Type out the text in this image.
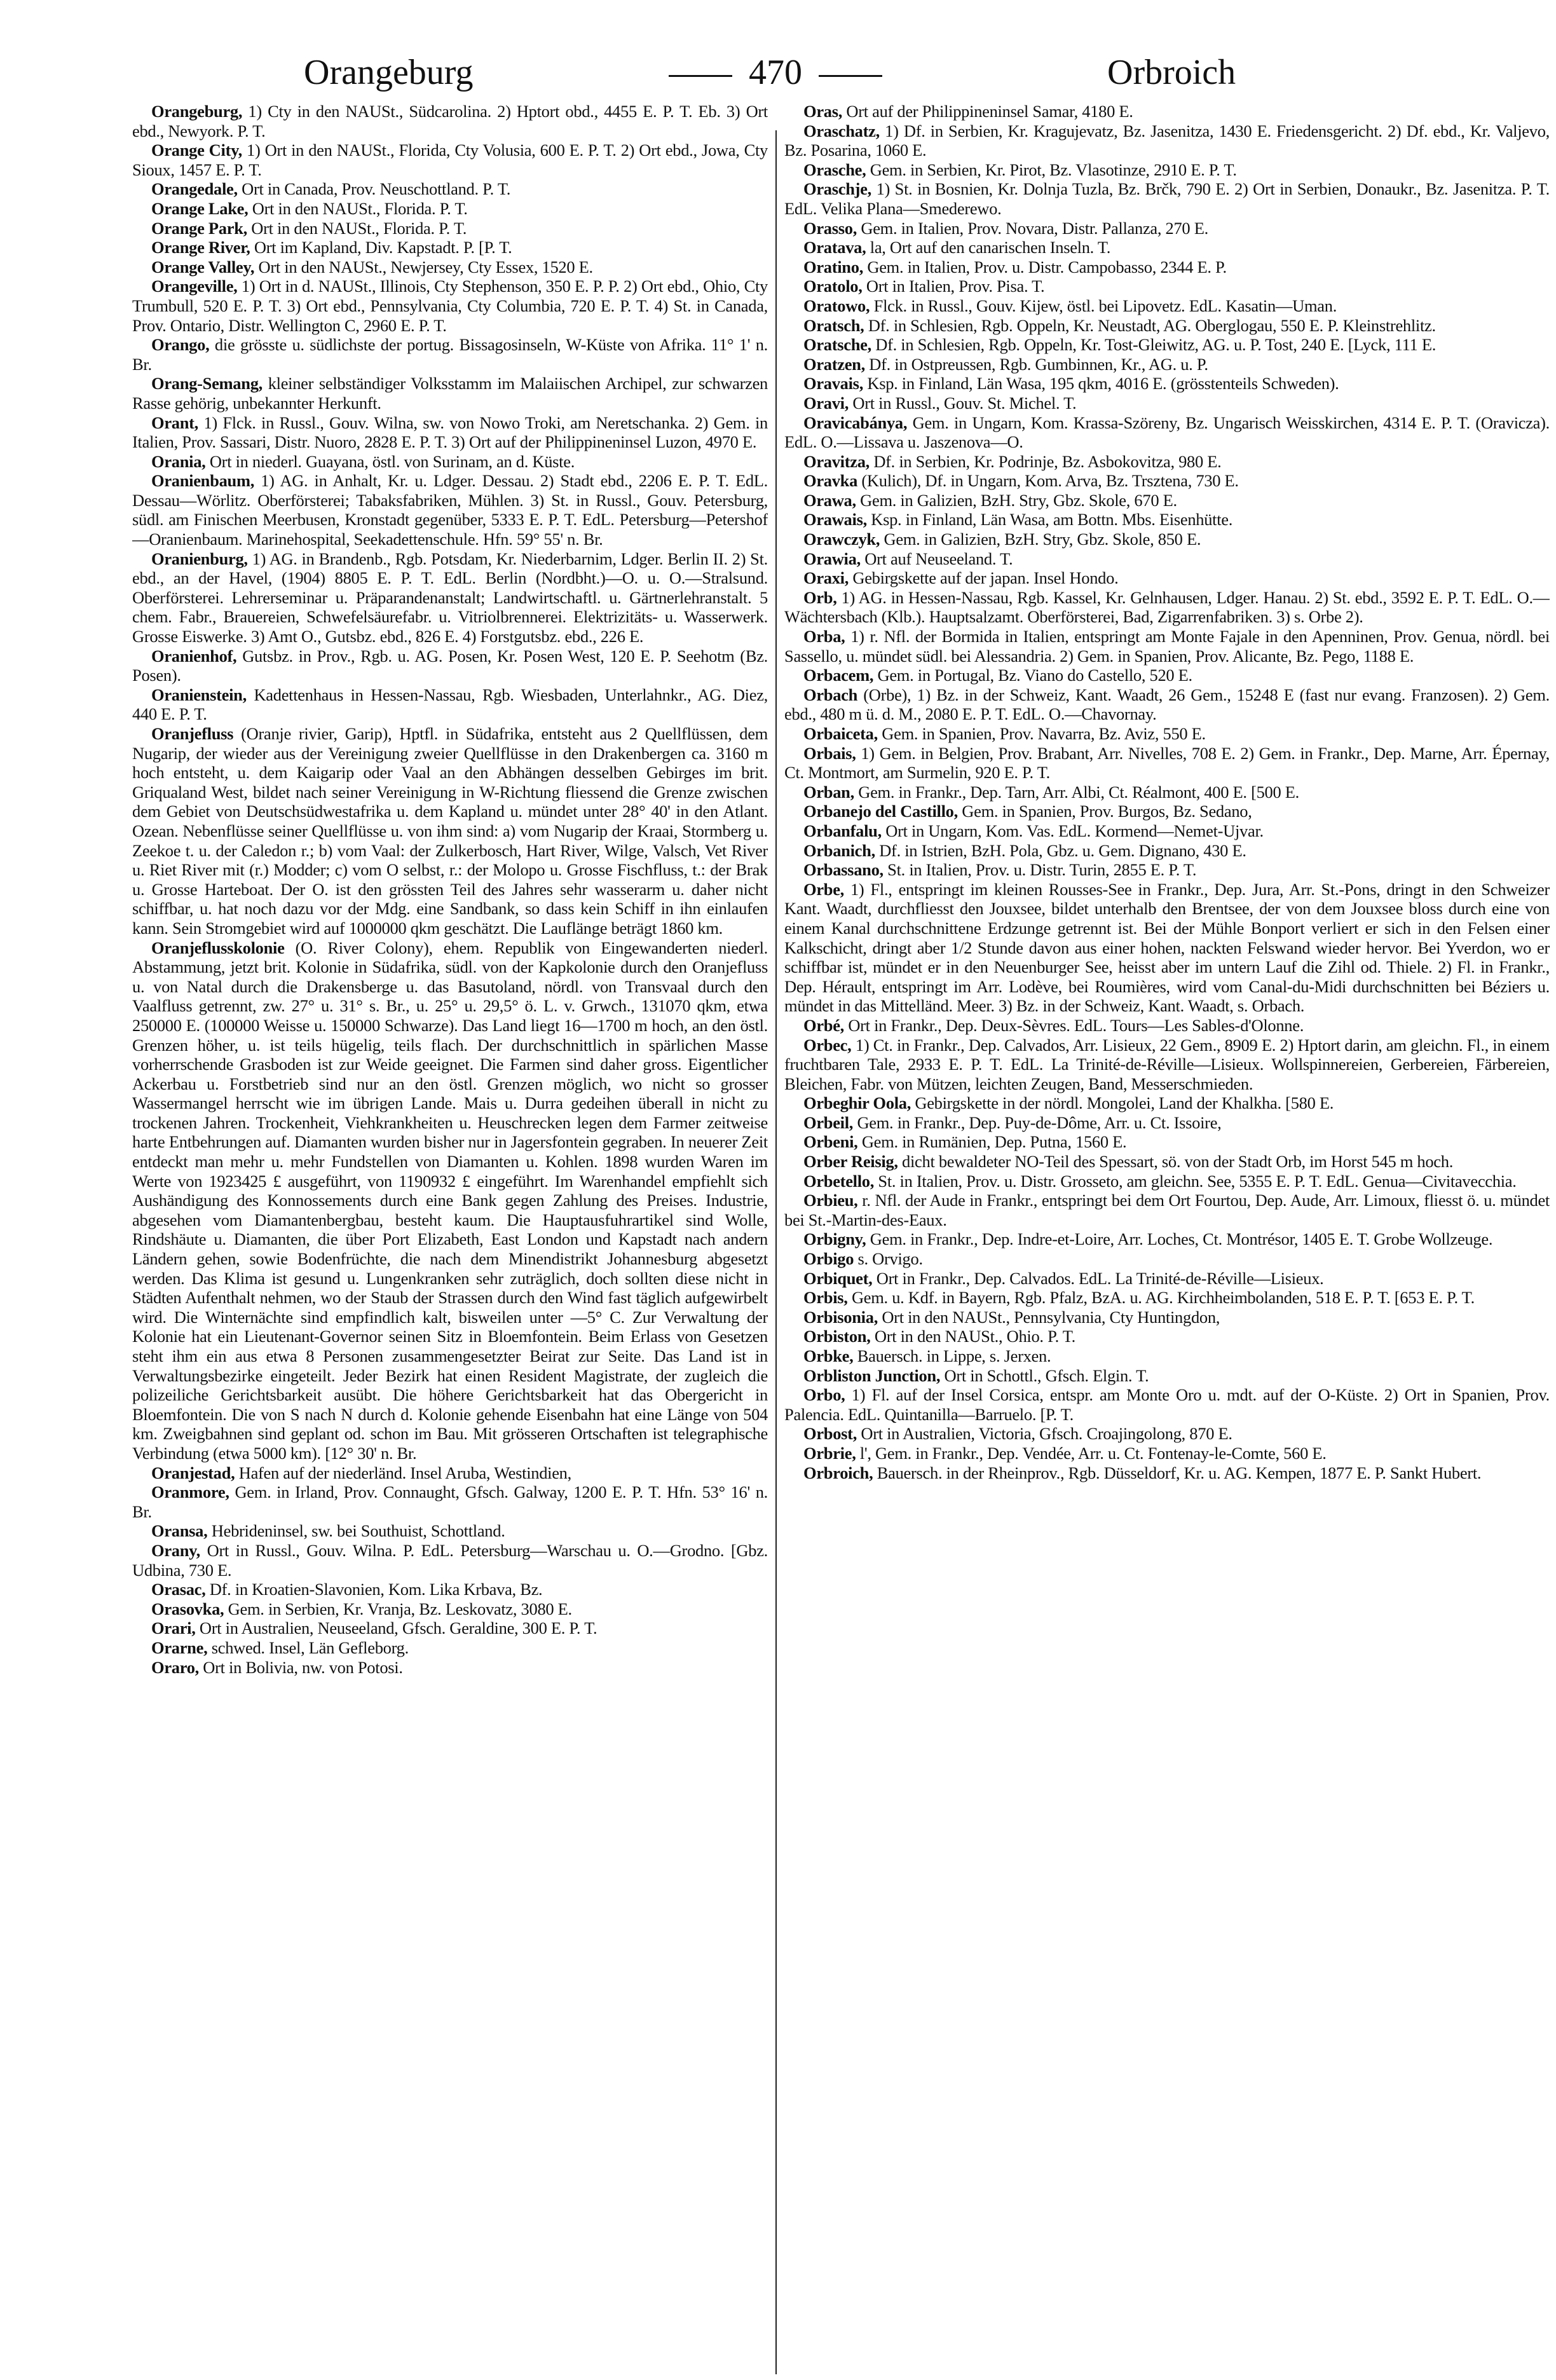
Orangeburg	470	Orbroich

Orangeburg, 1) Cty in den NAUSt., Südcarolina. 2) Hptort obd., 4455 E. P. T. Eb. 3) Ort ebd., Newyork. P. T.

Orange City, 1) Ort in den NAUSt., Florida, Cty Volusia, 600 E. P. T. 2) Ort ebd., Jowa, Cty Sioux, 1457 E. P. T.

Orangedale, Ort in Canada, Prov. Neuschottland. P. T.

Orange Lake, Ort in den NAUSt., Florida. P. T.

Orange Park, Ort in den NAUSt., Florida. P. T.

Orange River, Ort im Kapland, Div. Kapstadt. P. [P. T.

Orange Valley, Ort in den NAUSt., Newjersey, Cty Essex, 1520 E.

Orangeville, 1) Ort in d. NAUSt., Illinois, Cty Stephenson, 350 E. P. P. 2) Ort ebd., Ohio, Cty Trumbull, 520 E. P. T. 3) Ort ebd., Pennsylvania, Cty Columbia, 720 E. P. T. 4) St. in Canada, Prov. Ontario, Distr. Wellington C, 2960 E. P. T.

Orango, die grösste u. südlichste der portug. Bissagosinseln, W-Küste von Afrika. 11° 1' n. Br.

Orang-Semang, kleiner selbständiger Volksstamm im Malaiischen Archipel, zur schwarzen Rasse gehörig, unbekannter Herkunft.

Orant, 1) Flck. in Russl., Gouv. Wilna, sw. von Nowo Troki, am Neretschanka. 2) Gem. in Italien, Prov. Sassari, Distr. Nuoro, 2828 E. P. T. 3) Ort auf der Philippineninsel Luzon, 4970 E.

Orania, Ort in niederl. Guayana, östl. von Surinam, an d. Küste.

Oranienbaum, 1) AG. in Anhalt, Kr. u. Ldger. Dessau. 2) Stadt ebd., 2206 E. P. T. EdL. Dessau—Wörlitz. Oberförsterei; Tabaksfabriken, Mühlen. 3) St. in Russl., Gouv. Petersburg, südl. am Finischen Meerbusen, Kronstadt gegenüber, 5333 E. P. T. EdL. Petersburg—Petershof—Oranienbaum. Marinehospital, Seekadettenschule. Hfn. 59° 55' n. Br.

Oranienburg, 1) AG. in Brandenb., Rgb. Potsdam, Kr. Niederbarnim, Ldger. Berlin II. 2) St. ebd., an der Havel, (1904) 8805 E. P. T. EdL. Berlin (Nordbht.)—O. u. O.—Stralsund. Oberförsterei. Lehrerseminar u. Präparandenanstalt; Landwirtschaftl. u. Gärtnerlehranstalt. 5 chem. Fabr., Brauereien, Schwefelsäurefabr. u. Vitriolbrennerei. Elektrizitäts- u. Wasserwerk. Grosse Eiswerke. 3) Amt O., Gutsbz. ebd., 826 E. 4) Forstgutsbz. ebd., 226 E.

Oranienhof, Gutsbz. in Prov., Rgb. u. AG. Posen, Kr. Posen West, 120 E. P. Seehotm (Bz. Posen).

Oranienstein, Kadettenhaus in Hessen-Nassau, Rgb. Wiesbaden, Unterlahnkr., AG. Diez, 440 E. P. T.

Oranjefluss (Oranje rivier, Garip), Hptfl. in Südafrika, entsteht aus 2 Quellflüssen, dem Nugarip, der wieder aus der Vereinigung zweier Quellflüsse in den Drakenbergen ca. 3160 m hoch entsteht, u. dem Kaigarip oder Vaal an den Abhängen desselben Gebirges im brit. Griqualand West, bildet nach seiner Vereinigung in W-Richtung fliessend die Grenze zwischen dem Gebiet von Deutschsüdwestafrika u. dem Kapland u. mündet unter 28° 40' in den Atlant. Ozean. Nebenflüsse seiner Quellflüsse u. von ihm sind: a) vom Nugarip der Kraai, Stormberg u. Zeekoe t. u. der Caledon r.; b) vom Vaal: der Zulkerbosch, Hart River, Wilge, Valsch, Vet River u. Riet River mit (r.) Modder; c) vom O selbst, r.: der Molopo u. Grosse Fischfluss, t.: der Brak u. Grosse Harteboat. Der O. ist den grössten Teil des Jahres sehr wasserarm u. daher nicht schiffbar, u. hat noch dazu vor der Mdg. eine Sandbank, so dass kein Schiff in ihn einlaufen kann. Sein Stromgebiet wird auf 1000000 qkm geschätzt. Die Lauflänge beträgt 1860 km.

Oranjeflusskolonie (O. River Colony), ehem. Republik von Eingewanderten niederl. Abstammung, jetzt brit. Kolonie in Südafrika, südl. von der Kapkolonie durch den Oranjefluss u. von Natal durch die Drakensberge u. das Basutoland, nördl. von Transvaal durch den Vaalfluss getrennt, zw. 27° u. 31° s. Br., u. 25° u. 29,5° ö. L. v. Grwch., 131070 qkm, etwa 250000 E. (100000 Weisse u. 150000 Schwarze). Das Land liegt 16—1700 m hoch, an den östl. Grenzen höher, u. ist teils hügelig, teils flach. Der durchschnittlich in spärlichen Masse vorherrschende Grasboden ist zur Weide geeignet. Die Farmen sind daher gross. Eigentlicher Ackerbau u. Forstbetrieb sind nur an den östl. Grenzen möglich, wo nicht so grosser Wassermangel herrscht wie im übrigen Lande. Mais u. Durra gedeihen überall in nicht zu trockenen Jahren. Trockenheit, Viehkrankheiten u. Heuschrecken legen dem Farmer zeitweise harte Entbehrungen auf. Diamanten wurden bisher nur in Jagersfontein gegraben. In neuerer Zeit entdeckt man mehr u. mehr Fundstellen von Diamanten u. Kohlen. 1898 wurden Waren im Werte von 1923425 £ ausgeführt, von 1190932 £ eingeführt. Im Warenhandel empfiehlt sich Aushändigung des Konnossements durch eine Bank gegen Zahlung des Preises. Industrie, abgesehen vom Diamantenbergbau, besteht kaum. Die Hauptausfuhrartikel sind Wolle, Rindshäute u. Diamanten, die über Port Elizabeth, East London und Kapstadt nach andern Ländern gehen, sowie Bodenfrüchte, die nach dem Minendistrikt Johannesburg abgesetzt werden. Das Klima ist gesund u. Lungenkranken sehr zuträglich, doch sollten diese nicht in Städten Aufenthalt nehmen, wo der Staub der Strassen durch den Wind fast täglich aufgewirbelt wird. Die Winternächte sind empfindlich kalt, bisweilen unter —5° C. Zur Verwaltung der Kolonie hat ein Lieutenant-Governor seinen Sitz in Bloemfontein. Beim Erlass von Gesetzen steht ihm ein aus etwa 8 Personen zusammengesetzter Beirat zur Seite. Das Land ist in Verwaltungsbezirke eingeteilt. Jeder Bezirk hat einen Resident Magistrate, der zugleich die polizeiliche Gerichtsbarkeit ausübt. Die höhere Gerichtsbarkeit hat das Obergericht in Bloemfontein. Die von S nach N durch d. Kolonie gehende Eisenbahn hat eine Länge von 504 km. Zweigbahnen sind geplant od. schon im Bau. Mit grösseren Ortschaften ist telegraphische Verbindung (etwa 5000 km). [12° 30' n. Br.

Oranjestad, Hafen auf der niederländ. Insel Aruba, Westindien,

Oranmore, Gem. in Irland, Prov. Connaught, Gfsch. Galway, 1200 E. P. T. Hfn. 53° 16' n. Br.

Oransa, Hebrideninsel, sw. bei Southuist, Schottland.

Orany, Ort in Russl., Gouv. Wilna. P. EdL. Petersburg—Warschau u. O.—Grodno. [Gbz. Udbina, 730 E.

Orasac, Df. in Kroatien-Slavonien, Kom. Lika Krbava, Bz.

Orasovka, Gem. in Serbien, Kr. Vranja, Bz. Leskovatz, 3080 E.

Orari, Ort in Australien, Neuseeland, Gfsch. Geraldine, 300 E. P. T.

Orarne, schwed. Insel, Län Gefleborg.

Oraro, Ort in Bolivia, nw. von Potosi.

Oras, Ort auf der Philippineninsel Samar, 4180 E.

Oraschatz, 1) Df. in Serbien, Kr. Kragujevatz, Bz. Jasenitza, 1430 E. Friedensgericht. 2) Df. ebd., Kr. Valjevo, Bz. Posarina, 1060 E.

Orasche, Gem. in Serbien, Kr. Pirot, Bz. Vlasotinze, 2910 E. P. T.

Oraschje, 1) St. in Bosnien, Kr. Dolnja Tuzla, Bz. Brčk, 790 E. 2) Ort in Serbien, Donaukr., Bz. Jasenitza. P. T. EdL. Velika Plana—Smederewo.

Orasso, Gem. in Italien, Prov. Novara, Distr. Pallanza, 270 E.

Oratava, la, Ort auf den canarischen Inseln. T.

Oratino, Gem. in Italien, Prov. u. Distr. Campobasso, 2344 E. P.

Oratolo, Ort in Italien, Prov. Pisa. T.

Oratowo, Flck. in Russl., Gouv. Kijew, östl. bei Lipovetz. EdL. Kasatin—Uman.

Oratsch, Df. in Schlesien, Rgb. Oppeln, Kr. Neustadt, AG. Oberglogau, 550 E. P. Kleinstrehlitz.

Oratsche, Df. in Schlesien, Rgb. Oppeln, Kr. Tost-Gleiwitz, AG. u. P. Tost, 240 E. [Lyck, 111 E.

Oratzen, Df. in Ostpreussen, Rgb. Gumbinnen, Kr., AG. u. P.

Oravais, Ksp. in Finland, Län Wasa, 195 qkm, 4016 E. (grösstenteils Schweden).

Oravi, Ort in Russl., Gouv. St. Michel. T.

Oravicabánya, Gem. in Ungarn, Kom. Krassa-Szöreny, Bz. Ungarisch Weisskirchen, 4314 E. P. T. (Oravicza). EdL. O.—Lissava u. Jaszenova—O.

Oravitza, Df. in Serbien, Kr. Podrinje, Bz. Asbokovitza, 980 E.

Oravka (Kulich), Df. in Ungarn, Kom. Arva, Bz. Trsztena, 730 E.

Orawa, Gem. in Galizien, BzH. Stry, Gbz. Skole, 670 E.

Orawais, Ksp. in Finland, Län Wasa, am Bottn. Mbs. Eisenhütte.

Orawczyk, Gem. in Galizien, BzH. Stry, Gbz. Skole, 850 E.

Orawia, Ort auf Neuseeland. T.

Oraxi, Gebirgskette auf der japan. Insel Hondo.

Orb, 1) AG. in Hessen-Nassau, Rgb. Kassel, Kr. Gelnhausen, Ldger. Hanau. 2) St. ebd., 3592 E. P. T. EdL. O.—Wächtersbach (Klb.). Hauptsalzamt. Oberförsterei, Bad, Zigarrenfabriken. 3) s. Orbe 2).

Orba, 1) r. Nfl. der Bormida in Italien, entspringt am Monte Fajale in den Apenninen, Prov. Genua, nördl. bei Sassello, u. mündet südl. bei Alessandria. 2) Gem. in Spanien, Prov. Alicante, Bz. Pego, 1188 E.

Orbacem, Gem. in Portugal, Bz. Viano do Castello, 520 E.

Orbach (Orbe), 1) Bz. in der Schweiz, Kant. Waadt, 26 Gem., 15248 E (fast nur evang. Franzosen). 2) Gem. ebd., 480 m ü. d. M., 2080 E. P. T. EdL. O.—Chavornay.

Orbaiceta, Gem. in Spanien, Prov. Navarra, Bz. Aviz, 550 E.

Orbais, 1) Gem. in Belgien, Prov. Brabant, Arr. Nivelles, 708 E. 2) Gem. in Frankr., Dep. Marne, Arr. Épernay, Ct. Montmort, am Surmelin, 920 E. P. T.

Orban, Gem. in Frankr., Dep. Tarn, Arr. Albi, Ct. Réalmont, 400 E. [500 E.

Orbanejo del Castillo, Gem. in Spanien, Prov. Burgos, Bz. Sedano,

Orbanfalu, Ort in Ungarn, Kom. Vas. EdL. Kormend—Nemet-Ujvar.

Orbanich, Df. in Istrien, BzH. Pola, Gbz. u. Gem. Dignano, 430 E.

Orbassano, St. in Italien, Prov. u. Distr. Turin, 2855 E. P. T.

Orbe, 1) Fl., entspringt im kleinen Rousses-See in Frankr., Dep. Jura, Arr. St.-Pons, dringt in den Schweizer Kant. Waadt, durchfliesst den Jouxsee, bildet unterhalb den Brentsee, der von dem Jouxsee bloss durch eine von einem Kanal durchschnittene Erdzunge getrennt ist. Bei der Mühle Bonport verliert er sich in den Felsen einer Kalkschicht, dringt aber 1/2 Stunde davon aus einer hohen, nackten Felswand wieder hervor. Bei Yverdon, wo er schiffbar ist, mündet er in den Neuenburger See, heisst aber im untern Lauf die Zihl od. Thiele. 2) Fl. in Frankr., Dep. Hérault, entspringt im Arr. Lodève, bei Roumières, wird vom Canal-du-Midi durchschnitten bei Béziers u. mündet in das Mittelländ. Meer. 3) Bz. in der Schweiz, Kant. Waadt, s. Orbach.

Orbé, Ort in Frankr., Dep. Deux-Sèvres. EdL. Tours—Les Sables-d'Olonne.

Orbec, 1) Ct. in Frankr., Dep. Calvados, Arr. Lisieux, 22 Gem., 8909 E. 2) Hptort darin, am gleichn. Fl., in einem fruchtbaren Tale, 2933 E. P. T. EdL. La Trinité-de-Réville—Lisieux. Wollspinnereien, Gerbereien, Färbereien, Bleichen, Fabr. von Mützen, leichten Zeugen, Band, Messerschmieden.

Orbeghir Oola, Gebirgskette in der nördl. Mongolei, Land der Khalkha. [580 E.

Orbeil, Gem. in Frankr., Dep. Puy-de-Dôme, Arr. u. Ct. Issoire,

Orbeni, Gem. in Rumänien, Dep. Putna, 1560 E.

Orber Reisig, dicht bewaldeter NO-Teil des Spessart, sö. von der Stadt Orb, im Horst 545 m hoch.

Orbetello, St. in Italien, Prov. u. Distr. Grosseto, am gleichn. See, 5355 E. P. T. EdL. Genua—Civitavecchia.

Orbieu, r. Nfl. der Aude in Frankr., entspringt bei dem Ort Fourtou, Dep. Aude, Arr. Limoux, fliesst ö. u. mündet bei St.-Martin-des-Eaux.

Orbigny, Gem. in Frankr., Dep. Indre-et-Loire, Arr. Loches, Ct. Montrésor, 1405 E. T. Grobe Wollzeuge.

Orbigo s. Orvigo.

Orbiquet, Ort in Frankr., Dep. Calvados. EdL. La Trinité-de-Réville—Lisieux.

Orbis, Gem. u. Kdf. in Bayern, Rgb. Pfalz, BzA. u. AG. Kirchheimbolanden, 518 E. P. T. [653 E. P. T.

Orbisonia, Ort in den NAUSt., Pennsylvania, Cty Huntingdon,

Orbiston, Ort in den NAUSt., Ohio. P. T.

Orbke, Bauersch. in Lippe, s. Jerxen.

Orbliston Junction, Ort in Schottl., Gfsch. Elgin. T.

Orbo, 1) Fl. auf der Insel Corsica, entspr. am Monte Oro u. mdt. auf der O-Küste. 2) Ort in Spanien, Prov. Palencia. EdL. Quintanilla—Barruelo. [P. T.

Orbost, Ort in Australien, Victoria, Gfsch. Croajingolong, 870 E.

Orbrie, l', Gem. in Frankr., Dep. Vendée, Arr. u. Ct. Fontenay-le-Comte, 560 E.

Orbroich, Bauersch. in der Rheinprov., Rgb. Düsseldorf, Kr. u. AG. Kempen, 1877 E. P. Sankt Hubert.
